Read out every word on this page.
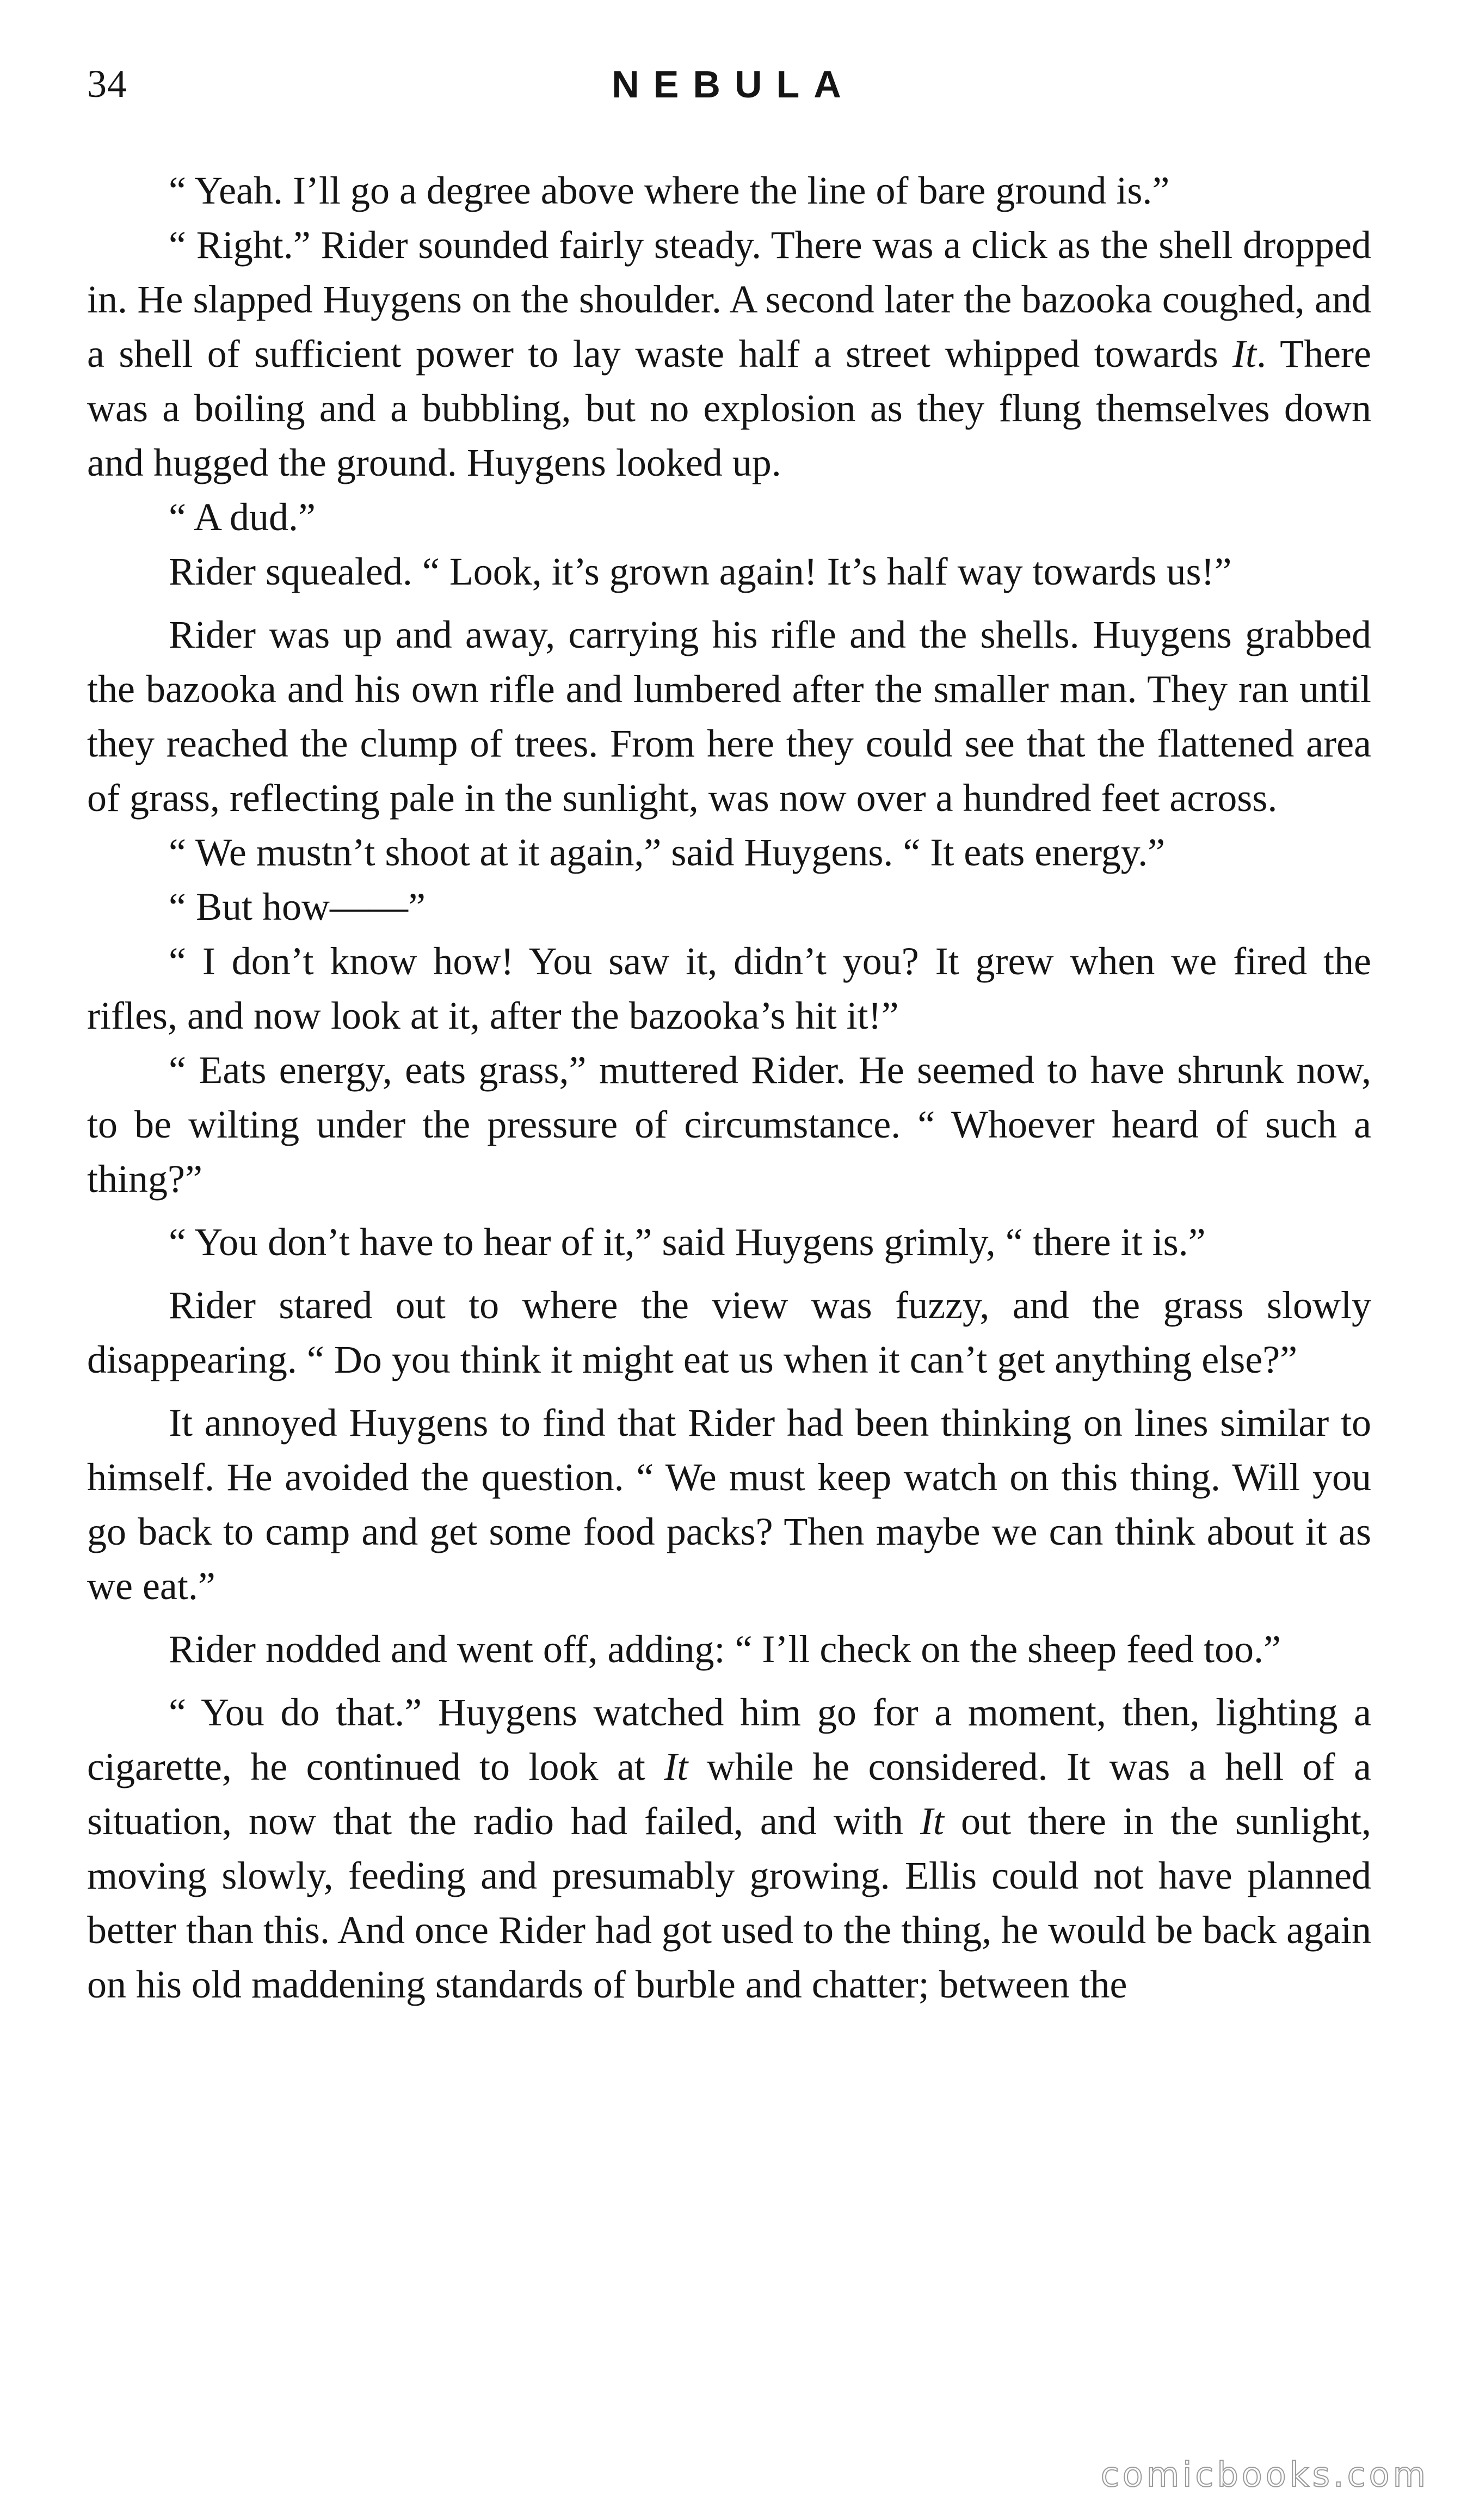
34	NEBULA

“ Yeah. I’ll go a degree above where the line of bare ground is.”

“ Right.” Rider sounded fairly steady. There was a click as the shell dropped in. He slapped Huygens on the shoulder. A second later the bazooka coughed, and a shell of sufficient power to lay waste half a street whipped towards It. There was a boiling and a bubbling, but no explosion as they flung themselves down and hugged the ground. Huygens looked up.

“ A dud.”

Rider squealed. “ Look, it’s grown again! It’s half way towards us!”

Rider was up and away, carrying his rifle and the shells. Huygens grabbed the bazooka and his own rifle and lumbered after the smaller man. They ran until they reached the clump of trees. From here they could see that the flattened area of grass, reflecting pale in the sunlight, was now over a hundred feet across.

“ We mustn’t shoot at it again,” said Huygens. “ It eats energy.”

“ But how——”

“ I don’t know how! You saw it, didn’t you? It grew when we fired the rifles, and now look at it, after the bazooka’s hit it!”

“ Eats energy, eats grass,” muttered Rider. He seemed to have shrunk now, to be wilting under the pressure of circumstance. “ Whoever heard of such a thing?”

“ You don’t have to hear of it,” said Huygens grimly, “ there it is.”

Rider stared out to where the view was fuzzy, and the grass slowly disappearing. “ Do you think it might eat us when it can’t get anything else?”

It annoyed Huygens to find that Rider had been thinking on lines similar to himself. He avoided the question. “ We must keep watch on this thing. Will you go back to camp and get some food packs? Then maybe we can think about it as we eat.”

Rider nodded and went off, adding: “ I’ll check on the sheep feed too.”

“ You do that.” Huygens watched him go for a moment, then, lighting a cigarette, he continued to look at It while he considered. It was a hell of a situation, now that the radio had failed, and with It out there in the sunlight, moving slowly, feeding and presumably growing. Ellis could not have planned better than this. And once Rider had got used to the thing, he would be back again on his old maddening standards of burble and chatter; between the

comicbooks.com
